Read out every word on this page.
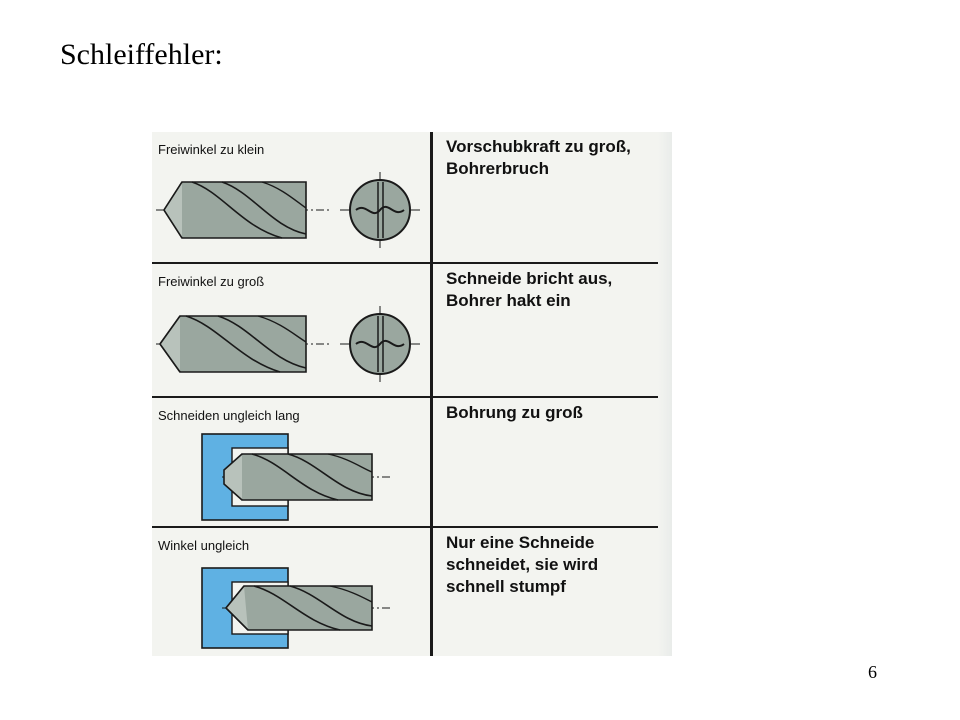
Schleiffehler:
Freiwinkel zu klein	Vorschubkraft zu groß,
Bohrerbruch
Freiwinkel zu groß	Schneide bricht aus,
Bohrer hakt ein
Schneiden ungleich lang	Bohrung zu groß
Winkel ungleich	Nur eine Schneide
schneidet, sie wird
schnell stumpf
6
